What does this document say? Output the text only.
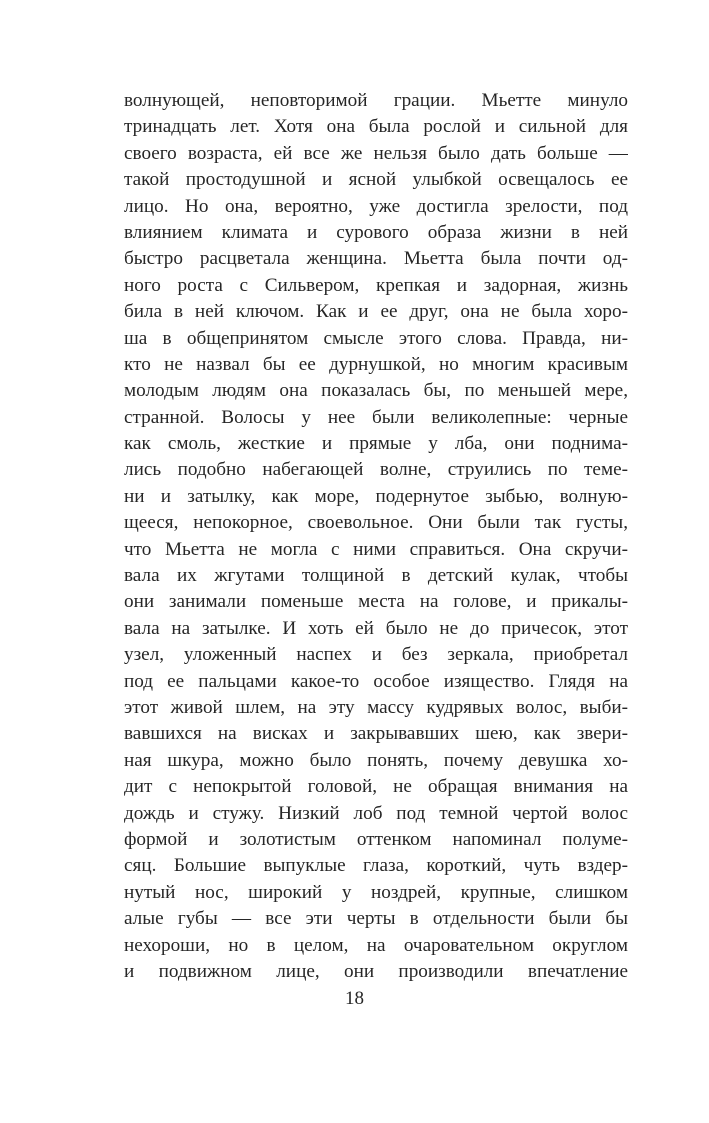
волнующей, неповторимой грации. Мьетте минуло
тринадцать лет. Хотя она была рослой и сильной для
своего возраста, ей все же нельзя было дать больше —
такой простодушной и ясной улыбкой освещалось ее
лицо. Но она, вероятно, уже достигла зрелости, под
влиянием климата и сурового образа жизни в ней
быстро расцветала женщина. Мьетта была почти од-
ного роста с Сильвером, крепкая и задорная, жизнь
била в ней ключом. Как и ее друг, она не была хоро-
ша в общепринятом смысле этого слова. Правда, ни-
кто не назвал бы ее дурнушкой, но многим красивым
молодым людям она показалась бы, по меньшей мере,
странной. Волосы у нее были великолепные: черные
как смоль, жесткие и прямые у лба, они поднима-
лись подобно набегающей волне, струились по теме-
ни и затылку, как море, подернутое зыбью, волную-
щееся, непокорное, своевольное. Они были так густы,
что Мьетта не могла с ними справиться. Она скручи-
вала их жгутами толщиной в детский кулак, чтобы
они занимали поменьше места на голове, и прикалы-
вала на затылке. И хоть ей было не до причесок, этот
узел, уложенный наспех и без зеркала, приобретал
под ее пальцами какое-то особое изящество. Глядя на
этот живой шлем, на эту массу кудрявых волос, выби-
вавшихся на висках и закрывавших шею, как звери-
ная шкура, можно было понять, почему девушка хо-
дит с непокрытой головой, не обращая внимания на
дождь и стужу. Низкий лоб под темной чертой волос
формой и золотистым оттенком напоминал полуме-
сяц. Большие выпуклые глаза, короткий, чуть вздер-
нутый нос, широкий у ноздрей, крупные, слишком
алые губы — все эти черты в отдельности были бы
нехороши, но в целом, на очаровательном округлом
и подвижном лице, они производили впечатление
18
